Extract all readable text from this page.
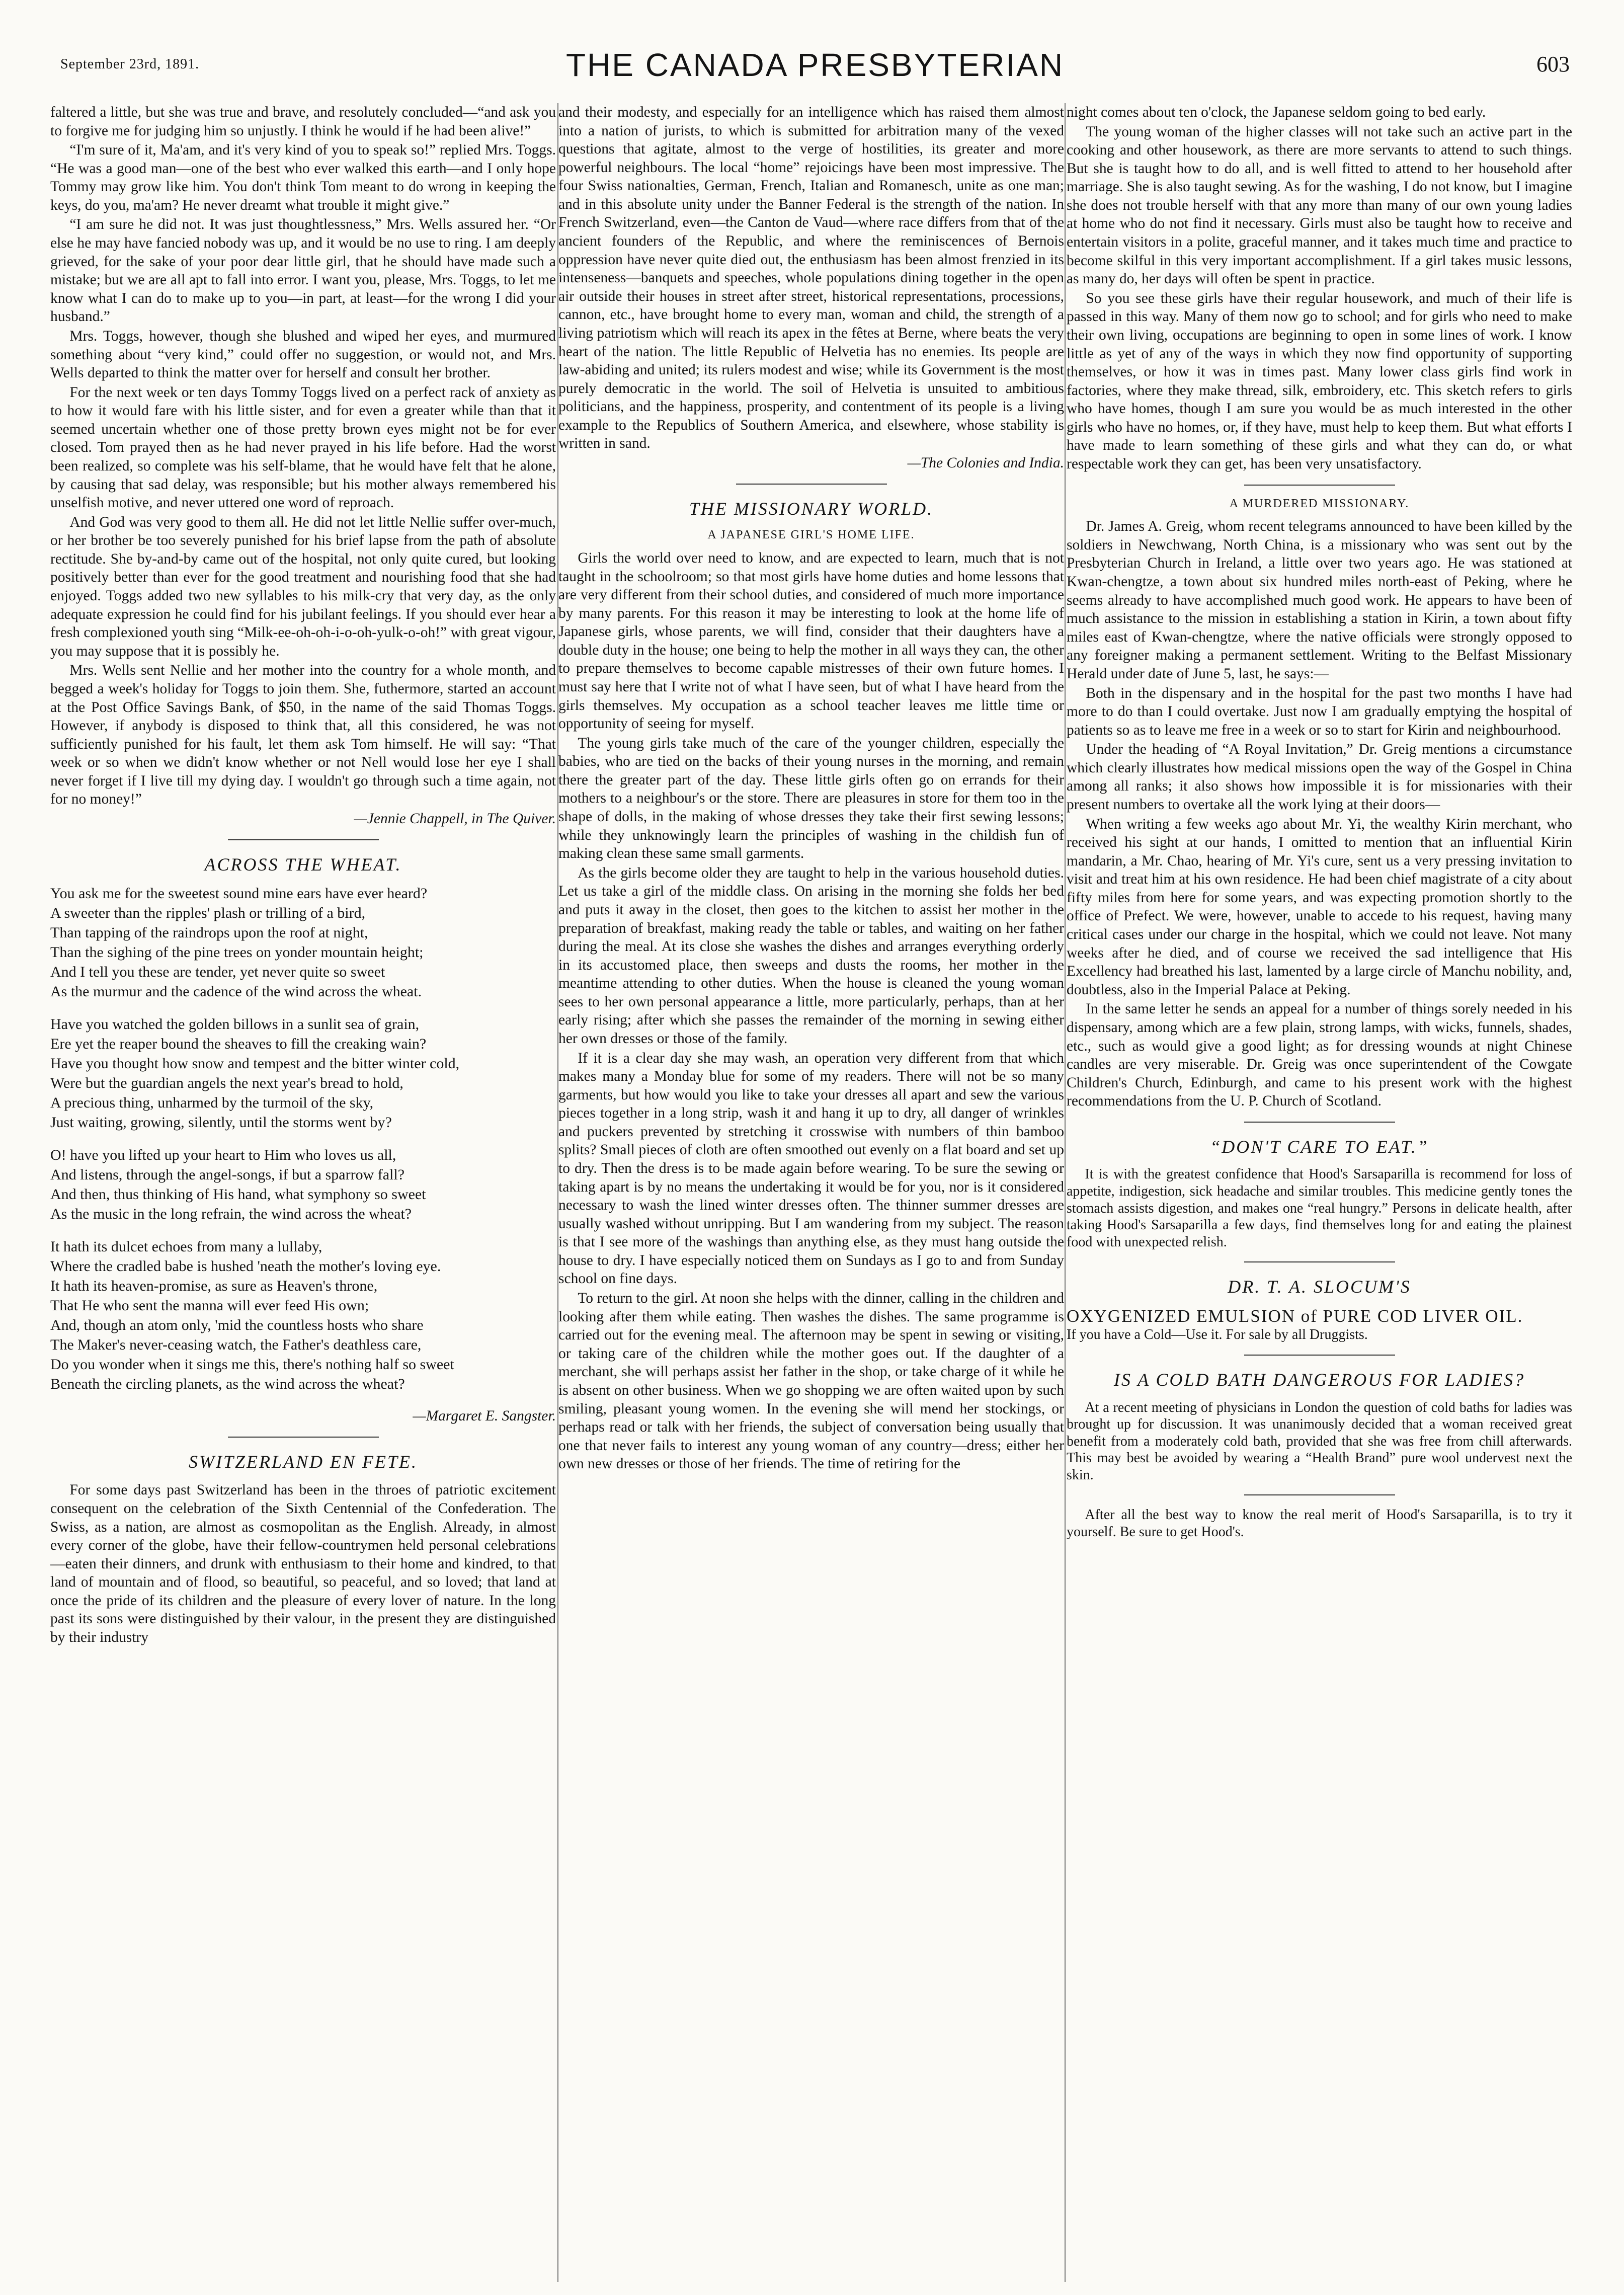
September 23rd, 1891.	THE CANADA PRESBYTERIAN	603

faltered a little, but she was true and brave, and resolutely concluded—“and ask you to forgive me for judging him so unjustly. I think he would if he had been alive!”

“I'm sure of it, Ma'am, and it's very kind of you to speak so!” replied Mrs. Toggs. “He was a good man—one of the best who ever walked this earth—and I only hope Tommy may grow like him. You don't think Tom meant to do wrong in keeping the keys, do you, ma'am? He never dreamt what trouble it might give.”

“I am sure he did not. It was just thoughtlessness,” Mrs. Wells assured her. “Or else he may have fancied nobody was up, and it would be no use to ring. I am deeply grieved, for the sake of your poor dear little girl, that he should have made such a mistake; but we are all apt to fall into error. I want you, please, Mrs. Toggs, to let me know what I can do to make up to you—in part, at least—for the wrong I did your husband.”

Mrs. Toggs, however, though she blushed and wiped her eyes, and murmured something about “very kind,” could offer no suggestion, or would not, and Mrs. Wells departed to think the matter over for herself and consult her brother.

For the next week or ten days Tommy Toggs lived on a perfect rack of anxiety as to how it would fare with his little sister, and for even a greater while than that it seemed uncertain whether one of those pretty brown eyes might not be for ever closed. Tom prayed then as he had never prayed in his life before. Had the worst been realized, so complete was his self-blame, that he would have felt that he alone, by causing that sad delay, was responsible; but his mother always remembered his unselfish motive, and never uttered one word of reproach.

And God was very good to them all. He did not let little Nellie suffer over-much, or her brother be too severely punished for his brief lapse from the path of absolute rectitude. She by-and-by came out of the hospital, not only quite cured, but looking positively better than ever for the good treatment and nourishing food that she had enjoyed. Toggs added two new syllables to his milk-cry that very day, as the only adequate expression he could find for his jubilant feelings. If you should ever hear a fresh complexioned youth sing “Milk-ee-oh-oh-i-o-oh-yulk-o-oh!” with great vigour, you may suppose that it is possibly he.

Mrs. Wells sent Nellie and her mother into the country for a whole month, and begged a week's holiday for Toggs to join them. She, futhermore, started an account at the Post Office Savings Bank, of $50, in the name of the said Thomas Toggs. However, if anybody is disposed to think that, all this considered, he was not sufficiently punished for his fault, let them ask Tom himself. He will say: “That week or so when we didn't know whether or not Nell would lose her eye I shall never forget if I live till my dying day. I wouldn't go through such a time again, not for no money!”

—Jennie Chappell, in The Quiver.
ACROSS THE WHEAT.

You ask me for the sweetest sound mine ears have ever heard?

A sweeter than the ripples' plash or trilling of a bird,

Than tapping of the raindrops upon the roof at night,

Than the sighing of the pine trees on yonder mountain height;

And I tell you these are tender, yet never quite so sweet

As the murmur and the cadence of the wind across the wheat.

Have you watched the golden billows in a sunlit sea of grain,

Ere yet the reaper bound the sheaves to fill the creaking wain?

Have you thought how snow and tempest and the bitter winter cold,

Were but the guardian angels the next year's bread to hold,

A precious thing, unharmed by the turmoil of the sky,

Just waiting, growing, silently, until the storms went by?

O! have you lifted up your heart to Him who loves us all,

And listens, through the angel-songs, if but a sparrow fall?

And then, thus thinking of His hand, what symphony so sweet

As the music in the long refrain, the wind across the wheat?

It hath its dulcet echoes from many a lullaby,

Where the cradled babe is hushed 'neath the mother's loving eye.

It hath its heaven-promise, as sure as Heaven's throne,

That He who sent the manna will ever feed His own;

And, though an atom only, 'mid the countless hosts who share

The Maker's never-ceasing watch, the Father's deathless care,

Do you wonder when it sings me this, there's nothing half so sweet

Beneath the circling planets, as the wind across the wheat?

—Margaret E. Sangster.
SWITZERLAND EN FETE.

For some days past Switzerland has been in the throes of patriotic excitement consequent on the celebration of the Sixth Centennial of the Confederation. The Swiss, as a nation, are almost as cosmopolitan as the English. Already, in almost every corner of the globe, have their fellow-countrymen held personal celebrations—eaten their dinners, and drunk with enthusiasm to their home and kindred, to that land of mountain and of flood, so beautiful, so peaceful, and so loved; that land at once the pride of its children and the pleasure of every lover of nature. In the long past its sons were distinguished by their valour, in the present they are distinguished by their industry

and their modesty, and especially for an intelligence which has raised them almost into a nation of jurists, to which is submitted for arbitration many of the vexed questions that agitate, almost to the verge of hostilities, its greater and more powerful neighbours. The local “home” rejoicings have been most impressive. The four Swiss nationalties, German, French, Italian and Romanesch, unite as one man; and in this absolute unity under the Banner Federal is the strength of the nation. In French Switzerland, even—the Canton de Vaud—where race differs from that of the ancient founders of the Republic, and where the reminiscences of Bernois oppression have never quite died out, the enthusiasm has been almost frenzied in its intenseness—banquets and speeches, whole populations dining together in the open air outside their houses in street after street, historical representations, processions, cannon, etc., have brought home to every man, woman and child, the strength of a living patriotism which will reach its apex in the fêtes at Berne, where beats the very heart of the nation. The little Republic of Helvetia has no enemies. Its people are law-abiding and united; its rulers modest and wise; while its Government is the most purely democratic in the world. The soil of Helvetia is unsuited to ambitious politicians, and the happiness, prosperity, and contentment of its people is a living example to the Republics of Southern America, and elsewhere, whose stability is written in sand.

—The Colonies and India.
THE MISSIONARY WORLD.
A JAPANESE GIRL'S HOME LIFE.

Girls the world over need to know, and are expected to learn, much that is not taught in the schoolroom; so that most girls have home duties and home lessons that are very different from their school duties, and considered of much more importance by many parents. For this reason it may be interesting to look at the home life of Japanese girls, whose parents, we will find, consider that their daughters have a double duty in the house; one being to help the mother in all ways they can, the other to prepare themselves to become capable mistresses of their own future homes. I must say here that I write not of what I have seen, but of what I have heard from the girls themselves. My occupation as a school teacher leaves me little time or opportunity of seeing for myself.

The young girls take much of the care of the younger children, especially the babies, who are tied on the backs of their young nurses in the morning, and remain there the greater part of the day. These little girls often go on errands for their mothers to a neighbour's or the store. There are pleasures in store for them too in the shape of dolls, in the making of whose dresses they take their first sewing lessons; while they unknowingly learn the principles of washing in the childish fun of making clean these same small garments.

As the girls become older they are taught to help in the various household duties. Let us take a girl of the middle class. On arising in the morning she folds her bed and puts it away in the closet, then goes to the kitchen to assist her mother in the preparation of breakfast, making ready the table or tables, and waiting on her father during the meal. At its close she washes the dishes and arranges everything orderly in its accustomed place, then sweeps and dusts the rooms, her mother in the meantime attending to other duties. When the house is cleaned the young woman sees to her own personal appearance a little, more particularly, perhaps, than at her early rising; after which she passes the remainder of the morning in sewing either her own dresses or those of the family.

If it is a clear day she may wash, an operation very different from that which makes many a Monday blue for some of my readers. There will not be so many garments, but how would you like to take your dresses all apart and sew the various pieces together in a long strip, wash it and hang it up to dry, all danger of wrinkles and puckers prevented by stretching it crosswise with numbers of thin bamboo splits? Small pieces of cloth are often smoothed out evenly on a flat board and set up to dry. Then the dress is to be made again before wearing. To be sure the sewing or taking apart is by no means the undertaking it would be for you, nor is it considered necessary to wash the lined winter dresses often. The thinner summer dresses are usually washed without unripping. But I am wandering from my subject. The reason is that I see more of the washings than anything else, as they must hang outside the house to dry. I have especially noticed them on Sundays as I go to and from Sunday school on fine days.

To return to the girl. At noon she helps with the dinner, calling in the children and looking after them while eating. Then washes the dishes. The same programme is carried out for the evening meal. The afternoon may be spent in sewing or visiting, or taking care of the children while the mother goes out. If the daughter of a merchant, she will perhaps assist her father in the shop, or take charge of it while he is absent on other business. When we go shopping we are often waited upon by such smiling, pleasant young women. In the evening she will mend her stockings, or perhaps read or talk with her friends, the subject of conversation being usually that one that never fails to interest any young woman of any country—dress; either her own new dresses or those of her friends. The time of retiring for the

night comes about ten o'clock, the Japanese seldom going to bed early.

The young woman of the higher classes will not take such an active part in the cooking and other housework, as there are more servants to attend to such things. But she is taught how to do all, and is well fitted to attend to her household after marriage. She is also taught sewing. As for the washing, I do not know, but I imagine she does not trouble herself with that any more than many of our own young ladies at home who do not find it necessary. Girls must also be taught how to receive and entertain visitors in a polite, graceful manner, and it takes much time and practice to become skilful in this very important accomplishment. If a girl takes music lessons, as many do, her days will often be spent in practice.

So you see these girls have their regular housework, and much of their life is passed in this way. Many of them now go to school; and for girls who need to make their own living, occupations are beginning to open in some lines of work. I know little as yet of any of the ways in which they now find opportunity of supporting themselves, or how it was in times past. Many lower class girls find work in factories, where they make thread, silk, embroidery, etc. This sketch refers to girls who have homes, though I am sure you would be as much interested in the other girls who have no homes, or, if they have, must help to keep them. But what efforts I have made to learn something of these girls and what they can do, or what respectable work they can get, has been very unsatisfactory.

A MURDERED MISSIONARY.

Dr. James A. Greig, whom recent telegrams announced to have been killed by the soldiers in Newchwang, North China, is a missionary who was sent out by the Presbyterian Church in Ireland, a little over two years ago. He was stationed at Kwan-chengtze, a town about six hundred miles north-east of Peking, where he seems already to have accomplished much good work. He appears to have been of much assistance to the mission in establishing a station in Kirin, a town about fifty miles east of Kwan-chengtze, where the native officials were strongly opposed to any foreigner making a permanent settlement. Writing to the Belfast Missionary Herald under date of June 5, last, he says:—

Both in the dispensary and in the hospital for the past two months I have had more to do than I could overtake. Just now I am gradually emptying the hospital of patients so as to leave me free in a week or so to start for Kirin and neighbourhood.

Under the heading of “A Royal Invitation,” Dr. Greig mentions a circumstance which clearly illustrates how medical missions open the way of the Gospel in China among all ranks; it also shows how impossible it is for missionaries with their present numbers to overtake all the work lying at their doors—

When writing a few weeks ago about Mr. Yi, the wealthy Kirin merchant, who received his sight at our hands, I omitted to mention that an influential Kirin mandarin, a Mr. Chao, hearing of Mr. Yi's cure, sent us a very pressing invitation to visit and treat him at his own residence. He had been chief magistrate of a city about fifty miles from here for some years, and was expecting promotion shortly to the office of Prefect. We were, however, unable to accede to his request, having many critical cases under our charge in the hospital, which we could not leave. Not many weeks after he died, and of course we received the sad intelligence that His Excellency had breathed his last, lamented by a large circle of Manchu nobility, and, doubtless, also in the Imperial Palace at Peking.

In the same letter he sends an appeal for a number of things sorely needed in his dispensary, among which are a few plain, strong lamps, with wicks, funnels, shades, etc., such as would give a good light; as for dressing wounds at night Chinese candles are very miserable. Dr. Greig was once superintendent of the Cowgate Children's Church, Edinburgh, and came to his present work with the highest recommendations from the U. P. Church of Scotland.

“DON'T CARE TO EAT.”

It is with the greatest confidence that Hood's Sarsaparilla is recommend for loss of appetite, indigestion, sick headache and similar troubles. This medicine gently tones the stomach assists digestion, and makes one “real hungry.” Persons in delicate health, after taking Hood's Sarsaparilla a few days, find themselves long for and eating the plainest food with unexpected relish.

DR. T. A. SLOCUM'S
OXYGENIZED EMULSION of PURE COD LIVER OIL.

If you have a Cold—Use it. For sale by all Druggists.

IS A COLD BATH DANGEROUS FOR LADIES?

At a recent meeting of physicians in London the question of cold baths for ladies was brought up for discussion. It was unanimously decided that a woman received great benefit from a moderately cold bath, provided that she was free from chill afterwards. This may best be avoided by wearing a “Health Brand” pure wool undervest next the skin.

After all the best way to know the real merit of Hood's Sarsaparilla, is to try it yourself. Be sure to get Hood's.
